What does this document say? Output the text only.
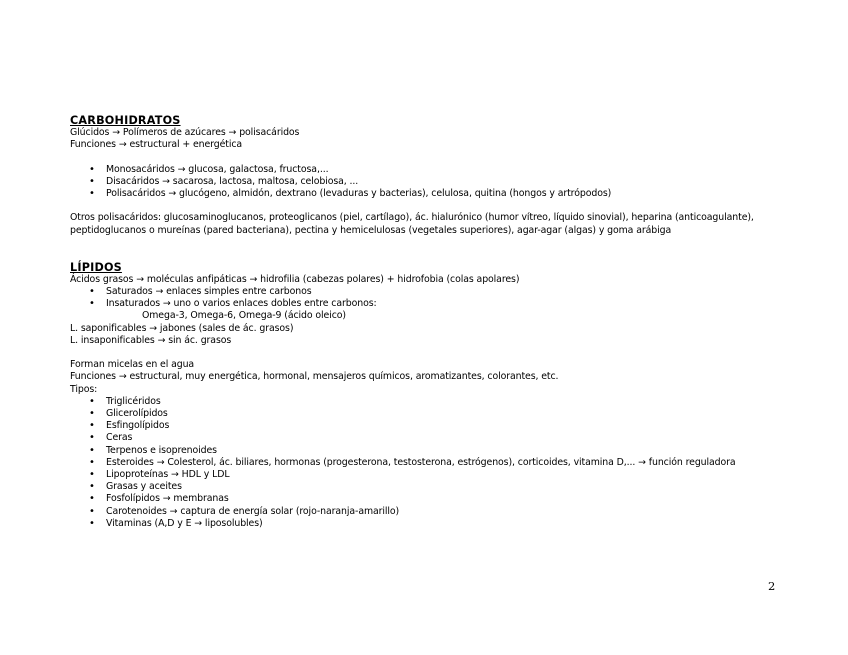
CARBOHIDRATOS
Glúcidos → Polímeros de azúcares → polisacáridos
Funciones → estructural + energética
• Monosacáridos → glucosa, galactosa, fructosa,...
• Disacáridos → sacarosa, lactosa, maltosa, celobiosa, ...
• Polisacáridos → glucógeno, almidón, dextrano (levaduras y bacterias), celulosa, quitina (hongos y artrópodos)
Otros polisacáridos: glucosaminoglucanos, proteoglicanos (piel, cartílago), ác. hialurónico (humor vítreo, líquido sinovial), heparina (anticoagulante), peptidoglucanos o mureínas (pared bacteriana), pectina y hemicelulosas (vegetales superiores), agar-agar (algas) y goma arábiga
LÍPIDOS
Ácidos grasos → moléculas anfipáticas → hidrofilia (cabezas polares) + hidrofobia (colas apolares)
• Saturados → enlaces simples entre carbonos
• Insaturados → uno o varios enlaces dobles entre carbonos:
Omega-3, Omega-6, Omega-9 (ácido oleico)
L. saponificables → jabones (sales de ác. grasos)
L. insaponificables → sin ác. grasos
Forman micelas en el agua
Funciones → estructural, muy energética, hormonal, mensajeros químicos, aromatizantes, colorantes, etc.
Tipos:
• Triglicéridos
• Glicerolípidos
• Esfingolípidos
• Ceras
• Terpenos e isoprenoides
• Esteroides → Colesterol, ác. biliares, hormonas (progesterona, testosterona, estrógenos), corticoides, vitamina D,... → función reguladora
• Lipoproteínas → HDL y LDL
• Grasas y aceites
• Fosfolípidos → membranas
• Carotenoides → captura de energía solar (rojo-naranja-amarillo)
• Vitaminas (A,D y E → liposolubles)
2
